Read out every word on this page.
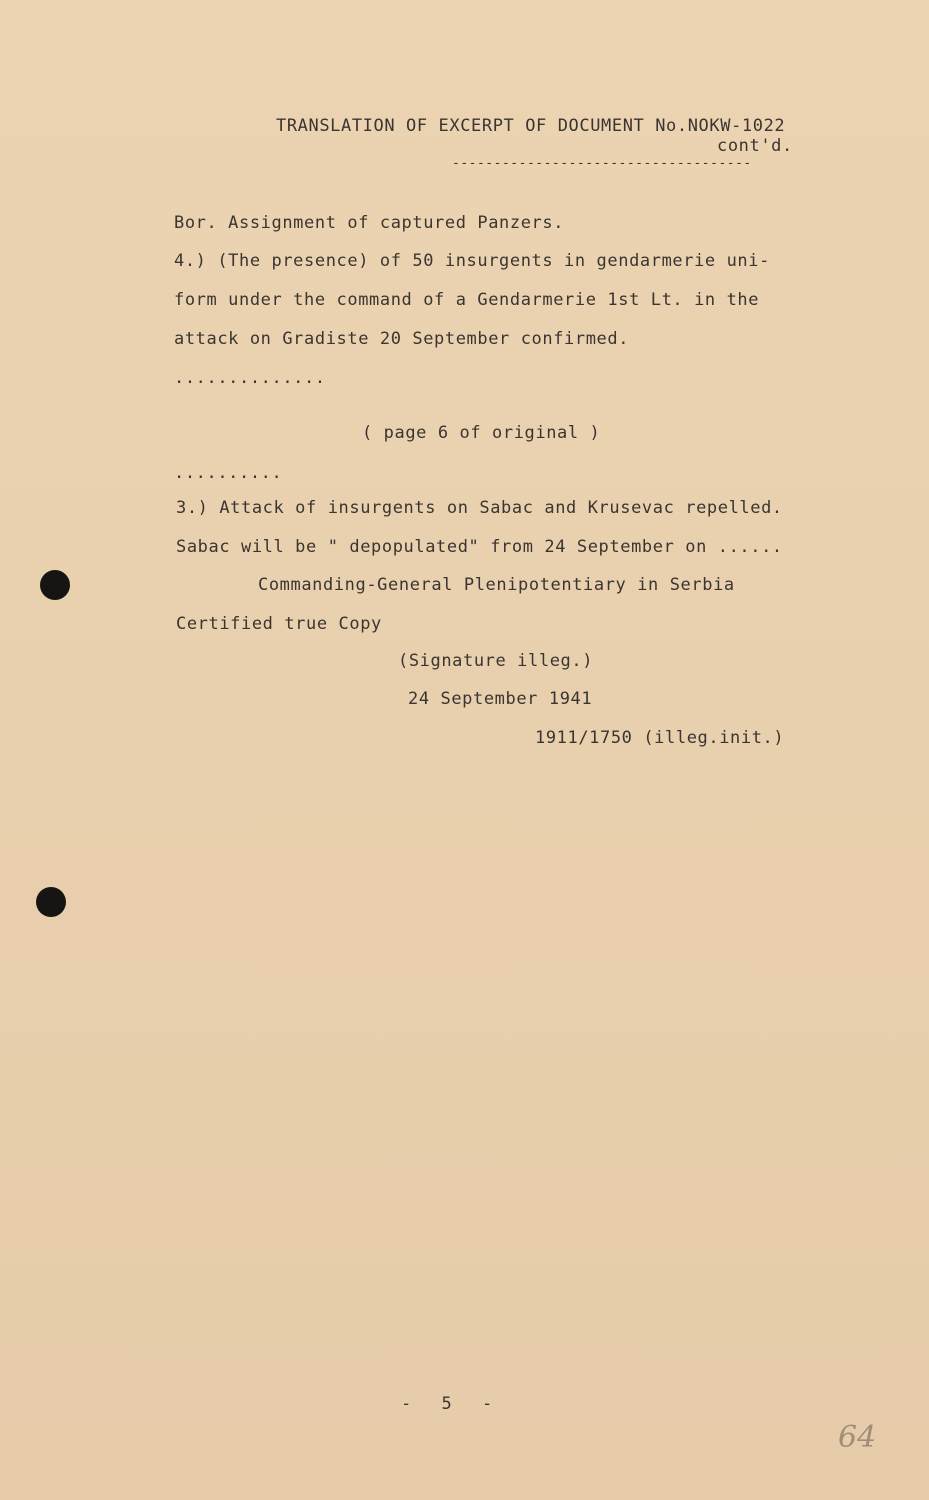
TRANSLATION OF EXCERPT OF DOCUMENT No.NOKW-1022
cont'd.
------------------------------------
Bor. Assignment of captured Panzers.
4.) (The presence) of 50 insurgents in gendarmerie uni-
form under the command of a Gendarmerie 1st Lt. in the
attack on Gradiste 20 September confirmed.
..............
( page 6 of original )
..........
3.) Attack of insurgents on Sabac and Krusevac repelled.
Sabac will be " depopulated" from 24 September on ......
Commanding-General Plenipotentiary in Serbia
Certified true Copy
(Signature illeg.)
24 September 1941
1911/1750 (illeg.init.)
- 5 -
64
